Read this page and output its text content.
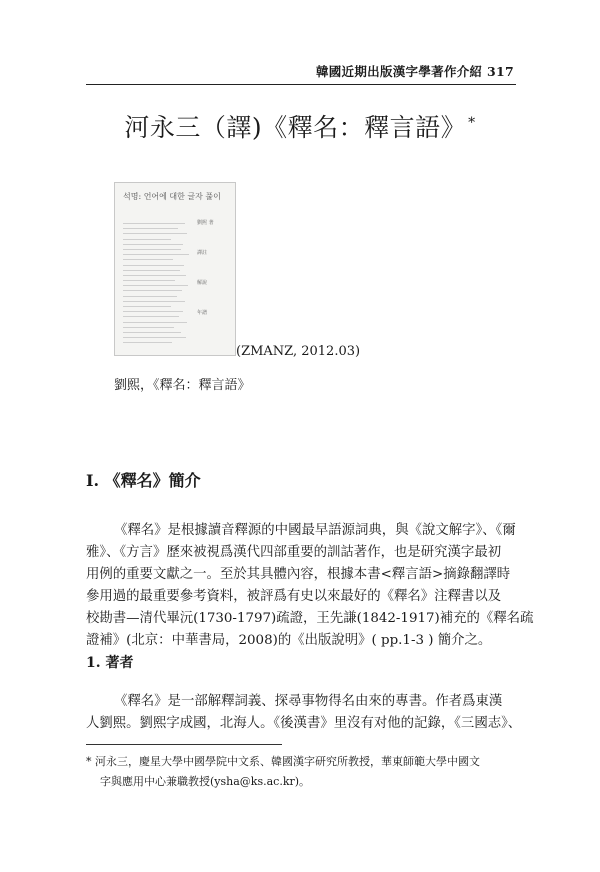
韓國近期出版漢字學著作介紹 317
河永三（譯)《釋名：釋言語》 *
석명: 언어에 대한 글자 풀이
劉熙 著
譯註
解說
年譜
(ZMANZ, 2012.03)
劉熙，《釋名：釋言語》
I. 《釋名》簡介
《釋名》是根據讀音釋源的中國最早語源詞典，與《說文解字》、《爾
雅》、《方言》歷來被視爲漢代四部重要的訓詁著作，也是研究漢字最初
用例的重要文獻之一。至於其具體內容，根據本書<釋言語>摘錄翻譯時
參用過的最重要參考資料，被評爲有史以來最好的《釋名》注釋書以及
校勘書—清代畢沅(1730-1797)疏證，王先謙(1842-1917)補充的《釋名疏
證補》(北京：中華書局，2008)的《出版說明》( pp.1-3 ) 簡介之。
1. 著者
《釋名》是一部解釋詞義、探尋事物得名由來的專書。作者爲東漢
人劉熙。劉熙字成國，北海人。《後漢書》里沒有对他的記錄，《三國志》、
* 河永三，慶星大學中國學院中文系、韓國漢字研究所教授，華東師範大學中國文
字與應用中心兼職教授(ysha@ks.ac.kr)。
